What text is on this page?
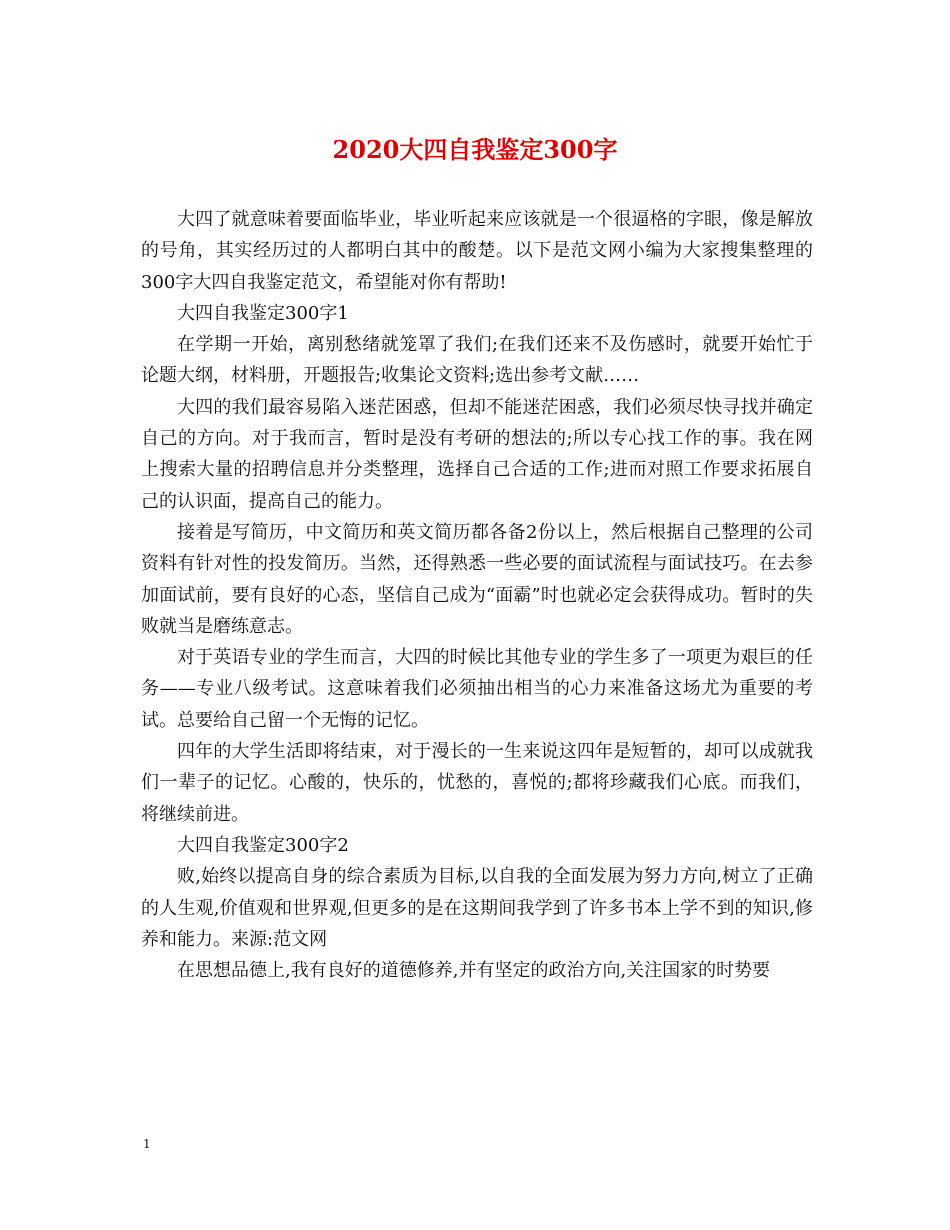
2020大四自我鉴定300字

大四了就意味着要面临毕业，毕业听起来应该就是一个很逼格的字眼，像是解放的号角，其实经历过的人都明白其中的酸楚。以下是范文网小编为大家搜集整理的300字大四自我鉴定范文，希望能对你有帮助!

大四自我鉴定300字1

在学期一开始，离别愁绪就笼罩了我们;在我们还来不及伤感时，就要开始忙于论题大纲，材料册，开题报告;收集论文资料;选出参考文献……

大四的我们最容易陷入迷茫困惑，但却不能迷茫困惑，我们必须尽快寻找并确定自己的方向。对于我而言，暂时是没有考研的想法的;所以专心找工作的事。我在网上搜索大量的招聘信息并分类整理，选择自己合适的工作;进而对照工作要求拓展自己的认识面，提高自己的能力。

接着是写简历，中文简历和英文简历都各备2份以上，然后根据自己整理的公司资料有针对性的投发简历。当然，还得熟悉一些必要的面试流程与面试技巧。在去参加面试前，要有良好的心态，坚信自己成为“面霸”时也就必定会获得成功。暂时的失败就当是磨练意志。

对于英语专业的学生而言，大四的时候比其他专业的学生多了一项更为艰巨的任务——专业八级考试。这意味着我们必须抽出相当的心力来准备这场尤为重要的考试。总要给自己留一个无悔的记忆。

四年的大学生活即将结束，对于漫长的一生来说这四年是短暂的，却可以成就我们一辈子的记忆。心酸的，快乐的，忧愁的，喜悦的;都将珍藏我们心底。而我们，将继续前进。

大四自我鉴定300字2

败,始终以提高自身的综合素质为目标,以自我的全面发展为努力方向,树立了正确的人生观,价值观和世界观,但更多的是在这期间我学到了许多书本上学不到的知识,修养和能力。来源:范文网

在思想品德上,我有良好的道德修养,并有坚定的政治方向,关注国家的时势要

1
